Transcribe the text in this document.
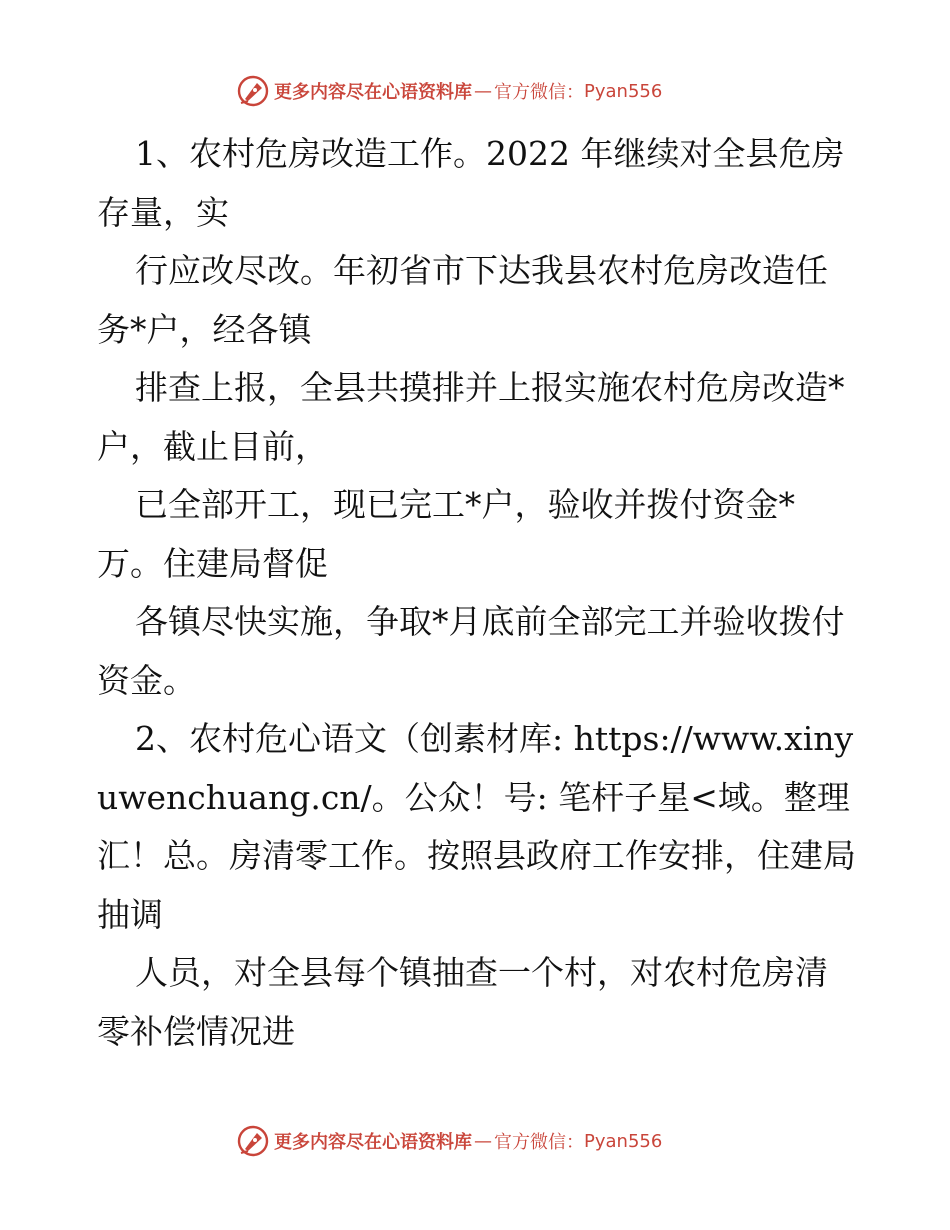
更多内容尽在心语资料库 — 官方微信： Pyan556

1、农村危房改造工作。2022 年继续对全县危房存量，实

行应改尽改。年初省市下达我县农村危房改造任务*户，经各镇

排查上报，全县共摸排并上报实施农村危房改造*户，截止目前，

已全部开工，现已完工*户，验收并拨付资金*万。住建局督促

各镇尽快实施，争取*月底前全部完工并验收拨付资金。

2、农村危心语文（创素材库: https://www.xinyuwenchuang.cn/。公众！号: 笔杆子星<域。整理汇！总。房清零工作。按照县政府工作安排，住建局抽调

人员，对全县每个镇抽查一个村，对农村危房清零补偿情况进

更多内容尽在心语资料库 — 官方微信： Pyan556
